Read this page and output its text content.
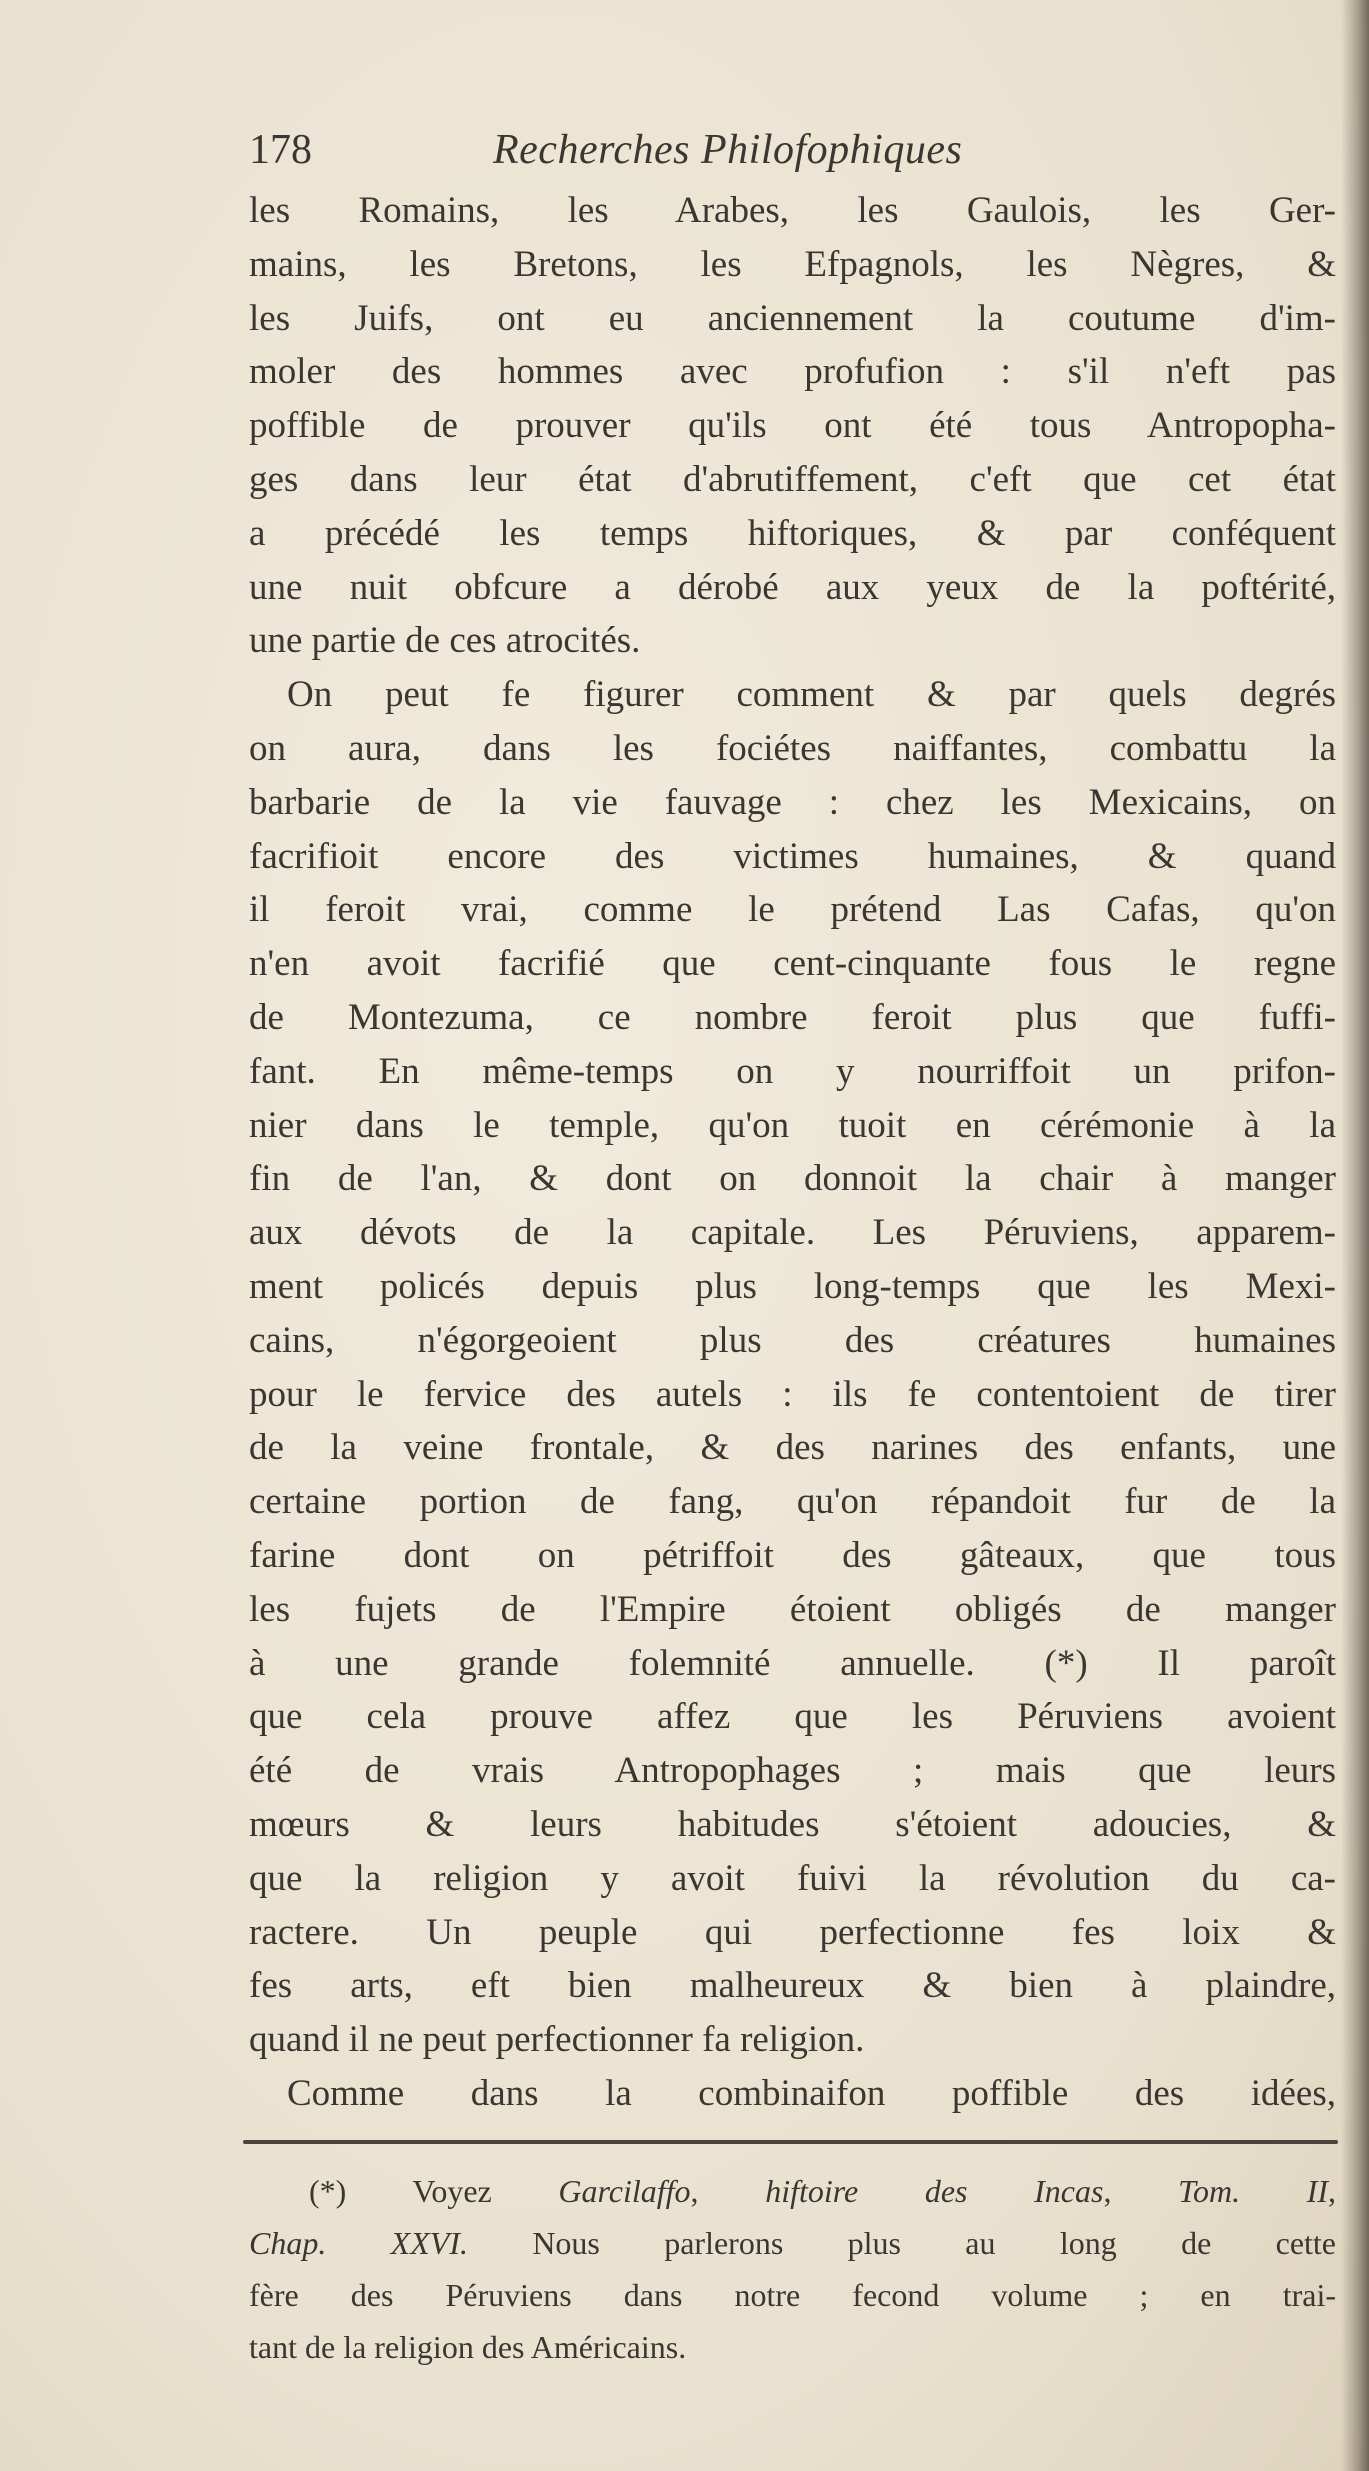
178	Recherches Philofophiques
les Romains, les Arabes, les Gaulois, les Ger-
mains, les Bretons, les Efpagnols, les Nègres, &
les Juifs, ont eu anciennement la coutume d'im-
moler des hommes avec profufion : s'il n'eft pas
poffible de prouver qu'ils ont été tous Antropopha-
ges dans leur état d'abrutiffement, c'eft que cet état
a précédé les temps hiftoriques, & par conféquent
une nuit obfcure a dérobé aux yeux de la poftérité,
une partie de ces atrocités.
On peut fe figurer comment & par quels degrés
on aura, dans les fociétes naiffantes, combattu la
barbarie de la vie fauvage : chez les Mexicains, on
facrifioit encore des victimes humaines, & quand
il feroit vrai, comme le prétend Las Cafas, qu'on
n'en avoit facrifié que cent-cinquante fous le regne
de Montezuma, ce nombre feroit plus que fuffi-
fant. En même-temps on y nourriffoit un prifon-
nier dans le temple, qu'on tuoit en cérémonie à la
fin de l'an, & dont on donnoit la chair à manger
aux dévots de la capitale. Les Péruviens, apparem-
ment policés depuis plus long-temps que les Mexi-
cains, n'égorgeoient plus des créatures humaines
pour le fervice des autels : ils fe contentoient de tirer
de la veine frontale, & des narines des enfants, une
certaine portion de fang, qu'on répandoit fur de la
farine dont on pétriffoit des gâteaux, que tous
les fujets de l'Empire étoient obligés de manger
à une grande folemnité annuelle. (*) Il paroît
que cela prouve affez que les Péruviens avoient
été de vrais Antropophages ; mais que leurs
mœurs & leurs habitudes s'étoient adoucies, &
que la religion y avoit fuivi la révolution du ca-
ractere. Un peuple qui perfectionne fes loix &
fes arts, eft bien malheureux & bien à plaindre,
quand il ne peut perfectionner fa religion.
Comme dans la combinaifon poffible des idées,
(*) Voyez Garcilaffo, hiftoire des Incas, Tom. II,
Chap. XXVI. Nous parlerons plus au long de cette
fère des Péruviens dans notre fecond volume ; en trai-
tant de la religion des Américains.
